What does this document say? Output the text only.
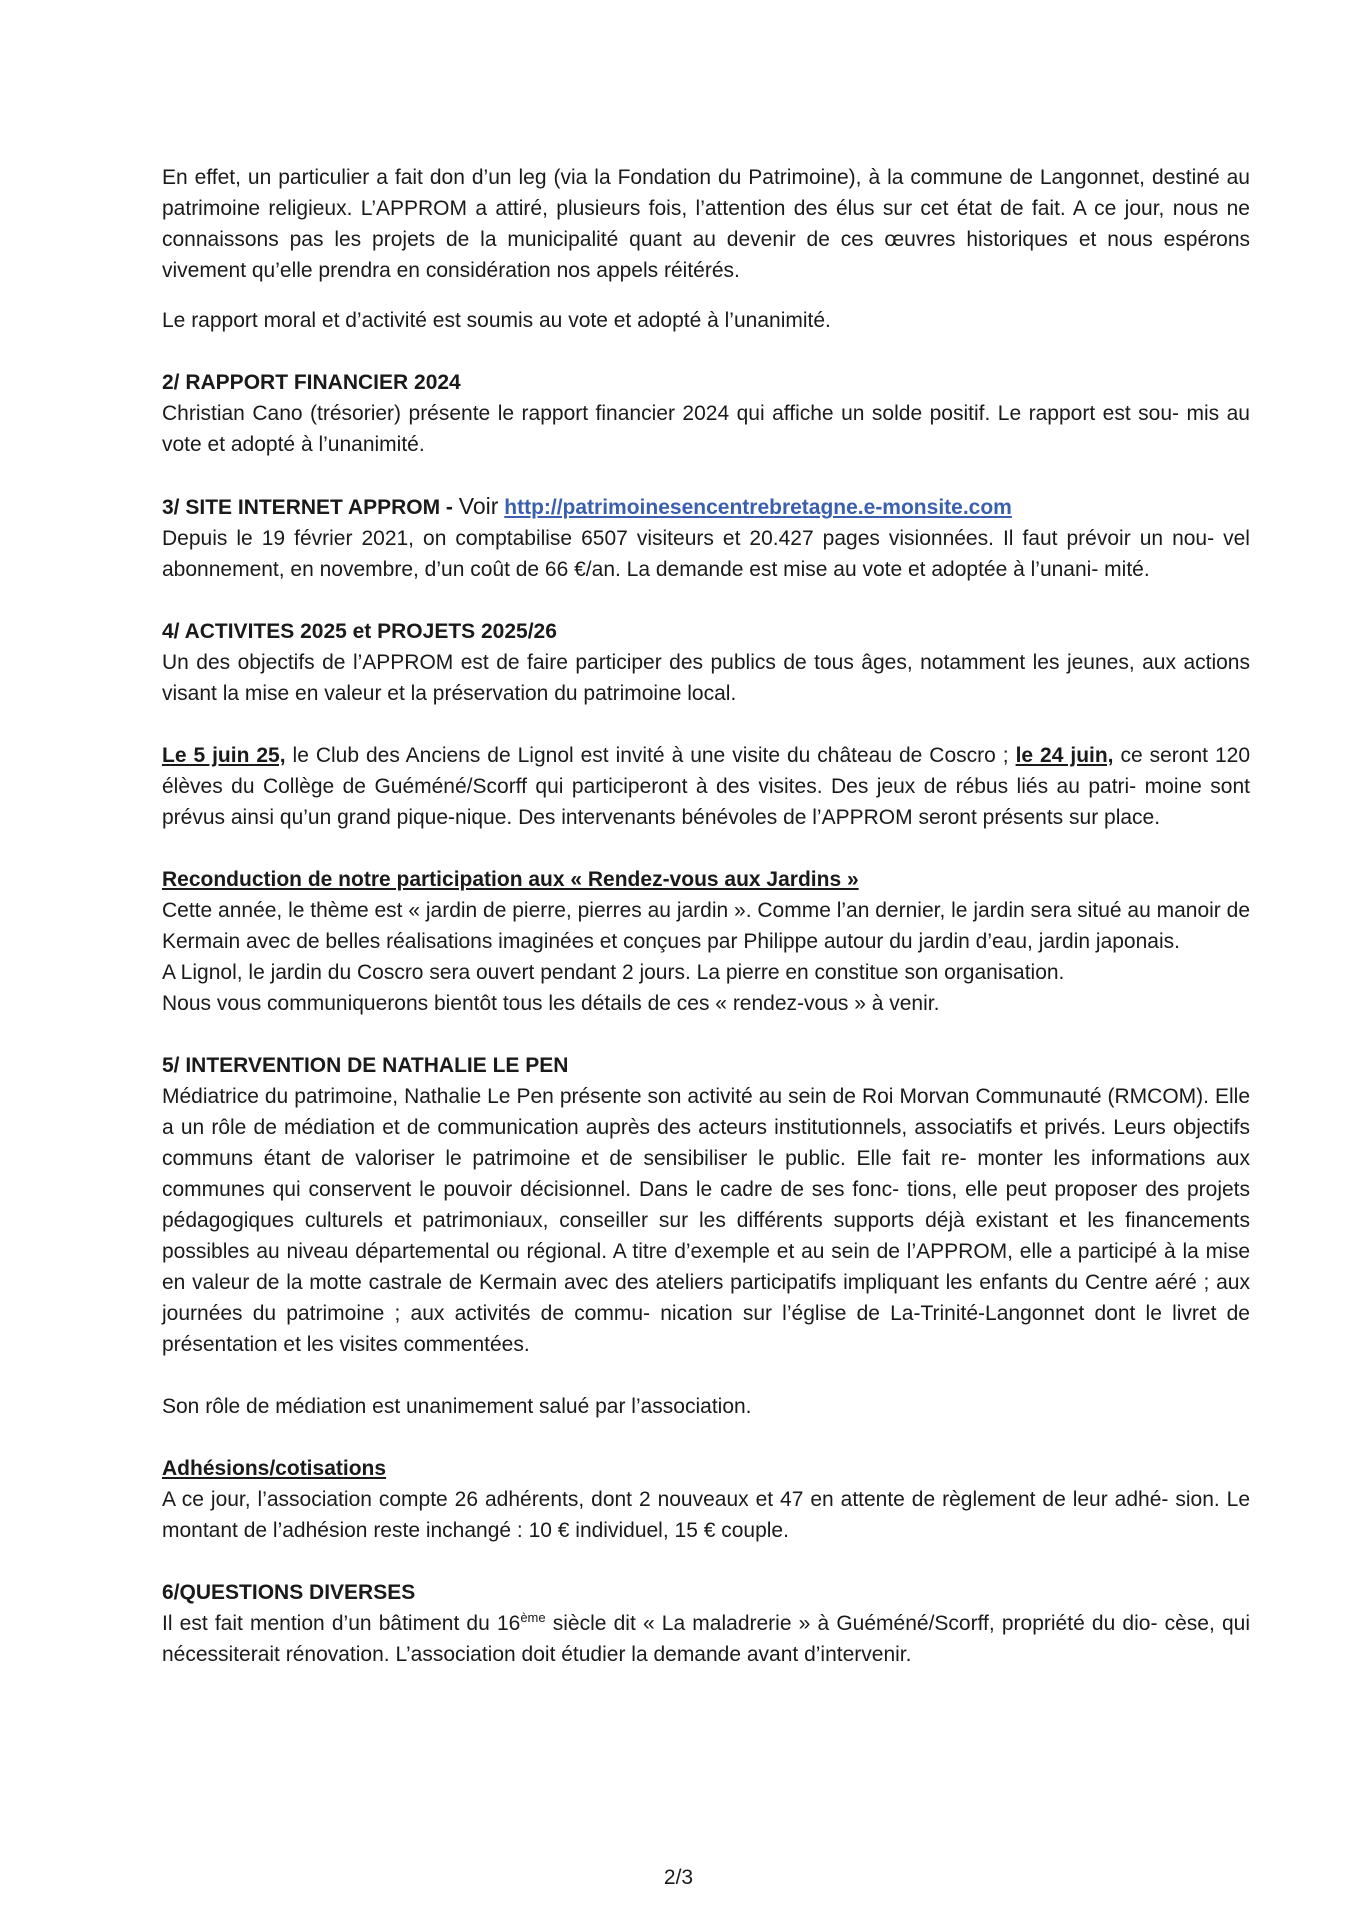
En effet, un particulier a fait don d’un leg (via la Fondation du Patrimoine), à la commune de Langonnet, destiné au patrimoine religieux. L’APPROM a attiré, plusieurs fois, l’attention des élus sur cet état de fait. A ce jour, nous ne connaissons pas les projets de la municipalité quant au devenir de ces œuvres historiques et nous espérons vivement qu’elle prendra en considération nos appels réitérés.

Le rapport moral et d’activité est soumis au vote et adopté à l’unanimité.

2/ RAPPORT FINANCIER 2024

Christian Cano (trésorier) présente le rapport financier 2024 qui affiche un solde positif. Le rapport est sou- mis au vote et adopté à l’unanimité.

3/ SITE INTERNET APPROM - Voir http://patrimoinesencentrebretagne.e-monsite.com

Depuis le 19 février 2021, on comptabilise 6507 visiteurs et 20.427 pages visionnées. Il faut prévoir un nou- vel abonnement, en novembre, d’un coût de 66 €/an. La demande est mise au vote et adoptée à l’unani- mité.

4/ ACTIVITES 2025 et PROJETS 2025/26

Un des objectifs de l’APPROM est de faire participer des publics de tous âges, notamment les jeunes, aux actions visant la mise en valeur et la préservation du patrimoine local.

Le 5 juin 25, le Club des Anciens de Lignol est invité à une visite du château de Coscro ; le 24 juin, ce seront 120 élèves du Collège de Guéméné/Scorff qui participeront à des visites. Des jeux de rébus liés au patri- moine sont prévus ainsi qu’un grand pique-nique. Des intervenants bénévoles de l’APPROM seront présents sur place.

Reconduction de notre participation aux « Rendez-vous aux Jardins »

Cette année, le thème est « jardin de pierre, pierres au jardin ». Comme l’an dernier, le jardin sera situé au manoir de Kermain avec de belles réalisations imaginées et conçues par Philippe autour du jardin d’eau, jardin japonais.

A Lignol, le jardin du Coscro sera ouvert pendant 2 jours. La pierre en constitue son organisation.

Nous vous communiquerons bientôt tous les détails de ces « rendez-vous » à venir.

5/ INTERVENTION DE NATHALIE LE PEN

Médiatrice du patrimoine, Nathalie Le Pen présente son activité au sein de Roi Morvan Communauté (RMCOM). Elle a un rôle de médiation et de communication auprès des acteurs institutionnels, associatifs et privés. Leurs objectifs communs étant de valoriser le patrimoine et de sensibiliser le public. Elle fait re- monter les informations aux communes qui conservent le pouvoir décisionnel. Dans le cadre de ses fonc- tions, elle peut proposer des projets pédagogiques culturels et patrimoniaux, conseiller sur les différents supports déjà existant et les financements possibles au niveau départemental ou régional. A titre d’exemple et au sein de l’APPROM, elle a participé à la mise en valeur de la motte castrale de Kermain avec des ateliers participatifs impliquant les enfants du Centre aéré ; aux journées du patrimoine ; aux activités de commu- nication sur l’église de La-Trinité-Langonnet dont le livret de présentation et les visites commentées.

Son rôle de médiation est unanimement salué par l’association.

Adhésions/cotisations

A ce jour, l’association compte 26 adhérents, dont 2 nouveaux et 47 en attente de règlement de leur adhé- sion. Le montant de l’adhésion reste inchangé : 10 € individuel, 15 € couple.

6/QUESTIONS DIVERSES

Il est fait mention d’un bâtiment du 16ème siècle dit « La maladrerie » à Guéméné/Scorff, propriété du dio- cèse, qui nécessiterait rénovation. L’association doit étudier la demande avant d’intervenir.

2/3
